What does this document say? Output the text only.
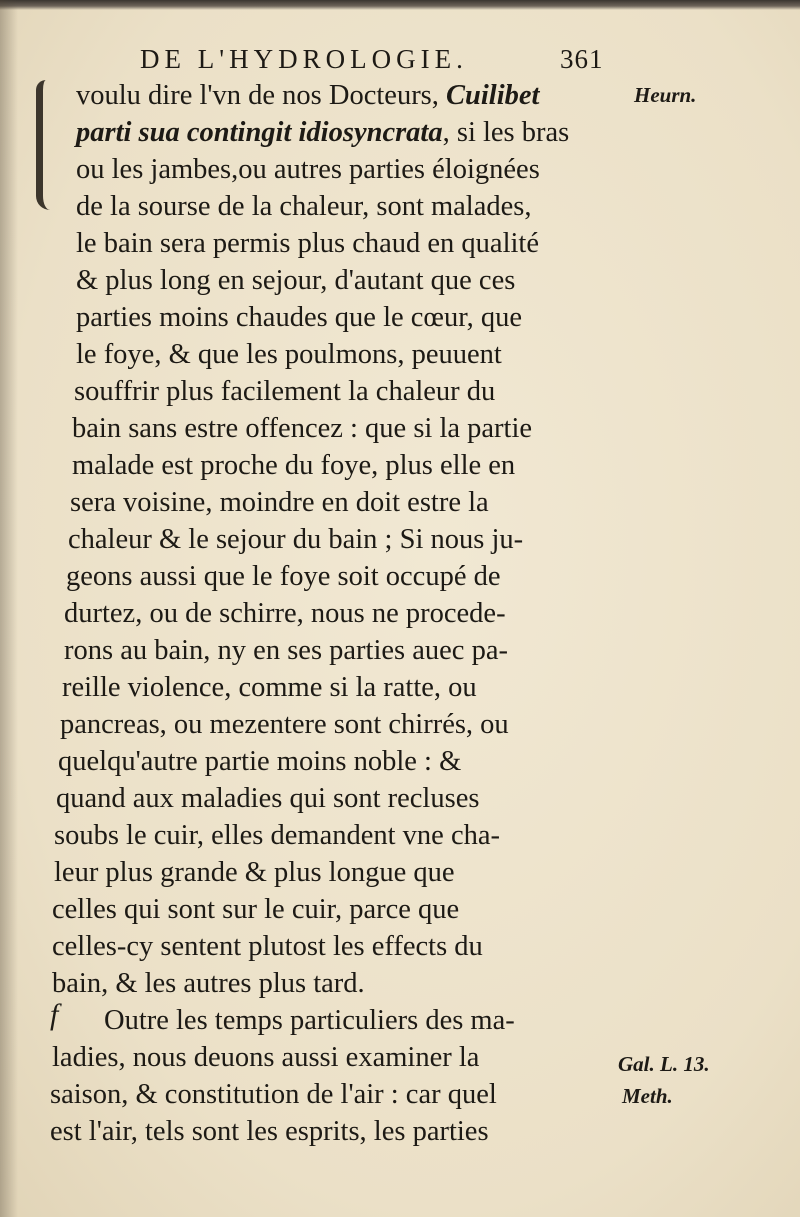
DE L'HYDROLOGIE.	361
voulu dire l'vn de nos Docteurs, Cuilibet
parti sua contingit idiosyncrata, si les bras
ou les jambes,ou autres parties éloignées
de la sourse de la chaleur, sont malades,
le bain sera permis plus chaud en qualité
& plus long en sejour, d'autant que ces
parties moins chaudes que le cœur, que
le foye, & que les poulmons, peuuent
souffrir plus facilement la chaleur du
bain sans estre offencez : que si la partie
malade est proche du foye, plus elle en
sera voisine, moindre en doit estre la
chaleur & le sejour du bain ; Si nous ju-
geons aussi que le foye soit occupé de
durtez, ou de schirre, nous ne procede-
rons au bain, ny en ses parties auec pa-
reille violence, comme si la ratte, ou
pancreas, ou mezentere sont chirrés, ou
quelqu'autre partie moins noble : &
quand aux maladies qui sont recluses
soubs le cuir, elles demandent vne cha-
leur plus grande & plus longue que
celles qui sont sur le cuir, parce que
celles-cy sentent plutost les effects du
bain, & les autres plus tard.
Outre les temps particuliers des ma-
ladies, nous deuons aussi examiner la
saison, & constitution de l'air : car quel
est l'air, tels sont les esprits, les parties
f
Heurn.
Gal. L. 13.
Meth.
